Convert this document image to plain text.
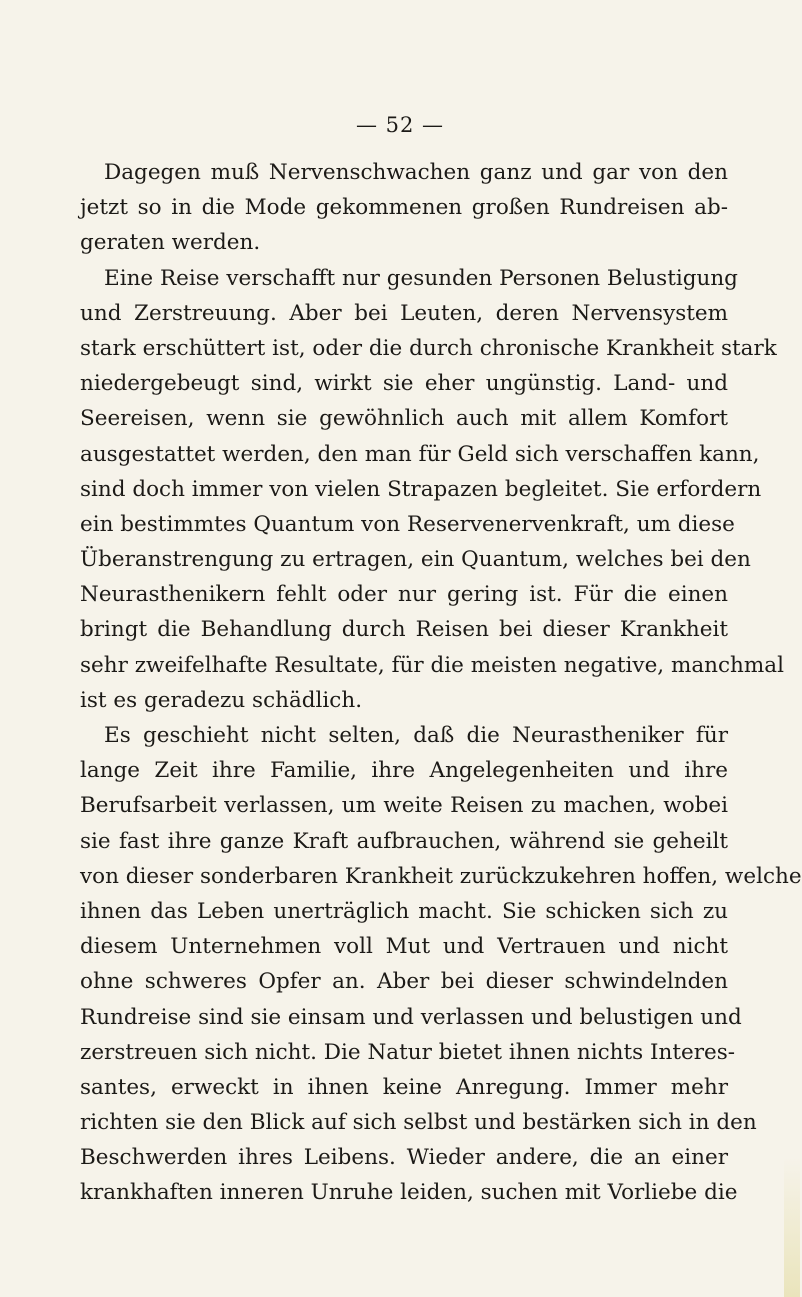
— 52 —
Dagegen muß Nervenschwachen ganz und gar von den
jetzt so in die Mode gekommenen großen Rundreisen ab-
geraten werden.
Eine Reise verschafft nur gesunden Personen Belustigung
und Zerstreuung. Aber bei Leuten, deren Nervensystem
stark erschüttert ist, oder die durch chronische Krankheit stark
niedergebeugt sind, wirkt sie eher ungünstig. Land- und
Seereisen, wenn sie gewöhnlich auch mit allem Komfort
ausgestattet werden, den man für Geld sich verschaffen kann,
sind doch immer von vielen Strapazen begleitet. Sie erfordern
ein bestimmtes Quantum von Reservenervenkraft, um diese
Überanstrengung zu ertragen, ein Quantum, welches bei den
Neurasthenikern fehlt oder nur gering ist. Für die einen
bringt die Behandlung durch Reisen bei dieser Krankheit
sehr zweifelhafte Resultate, für die meisten negative, manchmal
ist es geradezu schädlich.
Es geschieht nicht selten, daß die Neurastheniker für
lange Zeit ihre Familie, ihre Angelegenheiten und ihre
Berufsarbeit verlassen, um weite Reisen zu machen, wobei
sie fast ihre ganze Kraft aufbrauchen, während sie geheilt
von dieser sonderbaren Krankheit zurückzukehren hoffen, welche
ihnen das Leben unerträglich macht. Sie schicken sich zu
diesem Unternehmen voll Mut und Vertrauen und nicht
ohne schweres Opfer an. Aber bei dieser schwindelnden
Rundreise sind sie einsam und verlassen und belustigen und
zerstreuen sich nicht. Die Natur bietet ihnen nichts Interes-
santes, erweckt in ihnen keine Anregung. Immer mehr
richten sie den Blick auf sich selbst und bestärken sich in den
Beschwerden ihres Leibens. Wieder andere, die an einer
krankhaften inneren Unruhe leiden, suchen mit Vorliebe die
